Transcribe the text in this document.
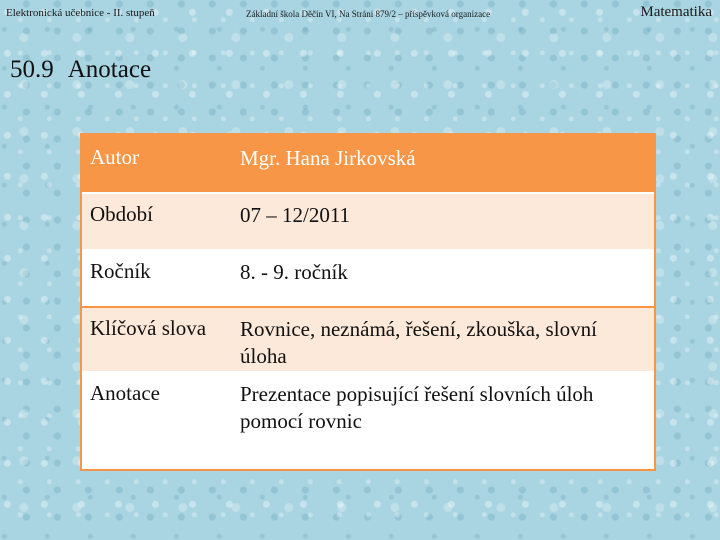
Elektronická učebnice - II. stupeň	Základní škola Děčín VI, Na Stráni 879/2 – příspěvková organizace	Matematika
50.9 Anotace
Autor	Mgr. Hana Jirkovská
Období	07 – 12/2011
Ročník	8. - 9. ročník
Klíčová slova	Rovnice, neznámá, řešení, zkouška, slovní úloha
Anotace	Prezentace popisující řešení slovních úloh pomocí rovnic
